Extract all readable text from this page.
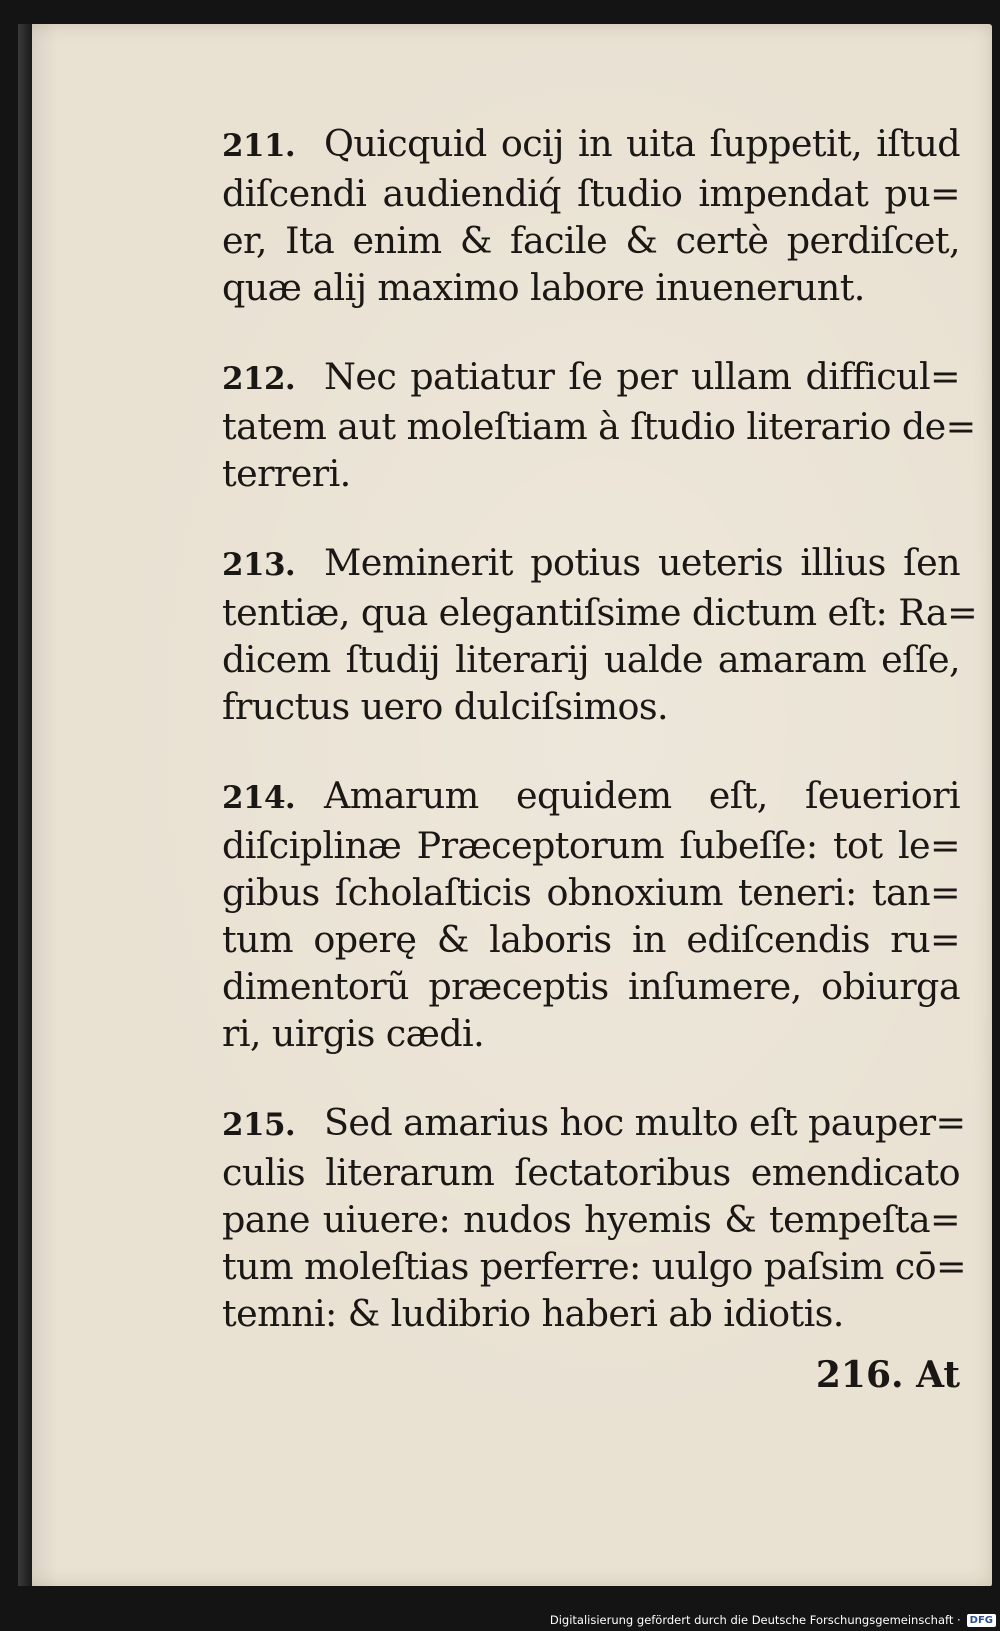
211. Quicquid ocij in uita ſuppetit, iſtud
diſcendi audiendiq́ ſtudio impendat pu=
er, Ita enim & facile & certè perdiſcet,
quæ alij maximo labore inuenerunt.
212. Nec patiatur ſe per ullam difficul=
tatem aut moleſtiam à ſtudio literario de=
terreri.
213. Meminerit potius ueteris illius ſen
tentiæ, qua elegantiſsime dictum eſt: Ra=
dicem ſtudij literarij ualde amaram eſſe,
fructus uero dulciſsimos.
214. Amarum equidem eſt, ſeueriori
diſciplinæ Præceptorum ſubeſſe: tot le=
gibus ſcholaſticis obnoxium teneri: tan=
tum operę & laboris in ediſcendis ru=
dimentorũ præceptis inſumere, obiurga
ri, uirgis cædi.
215. Sed amarius hoc multo eſt pauper=
culis literarum ſectatoribus emendicato
pane uiuere: nudos hyemis & tempeſta=
tum moleſtias perferre: uulgo paſsim cō=
temni: & ludibrio haberi ab idiotis.
216. At
Digitalisierung gefördert durch die Deutsche Forschungsgemeinschaft · DFG
